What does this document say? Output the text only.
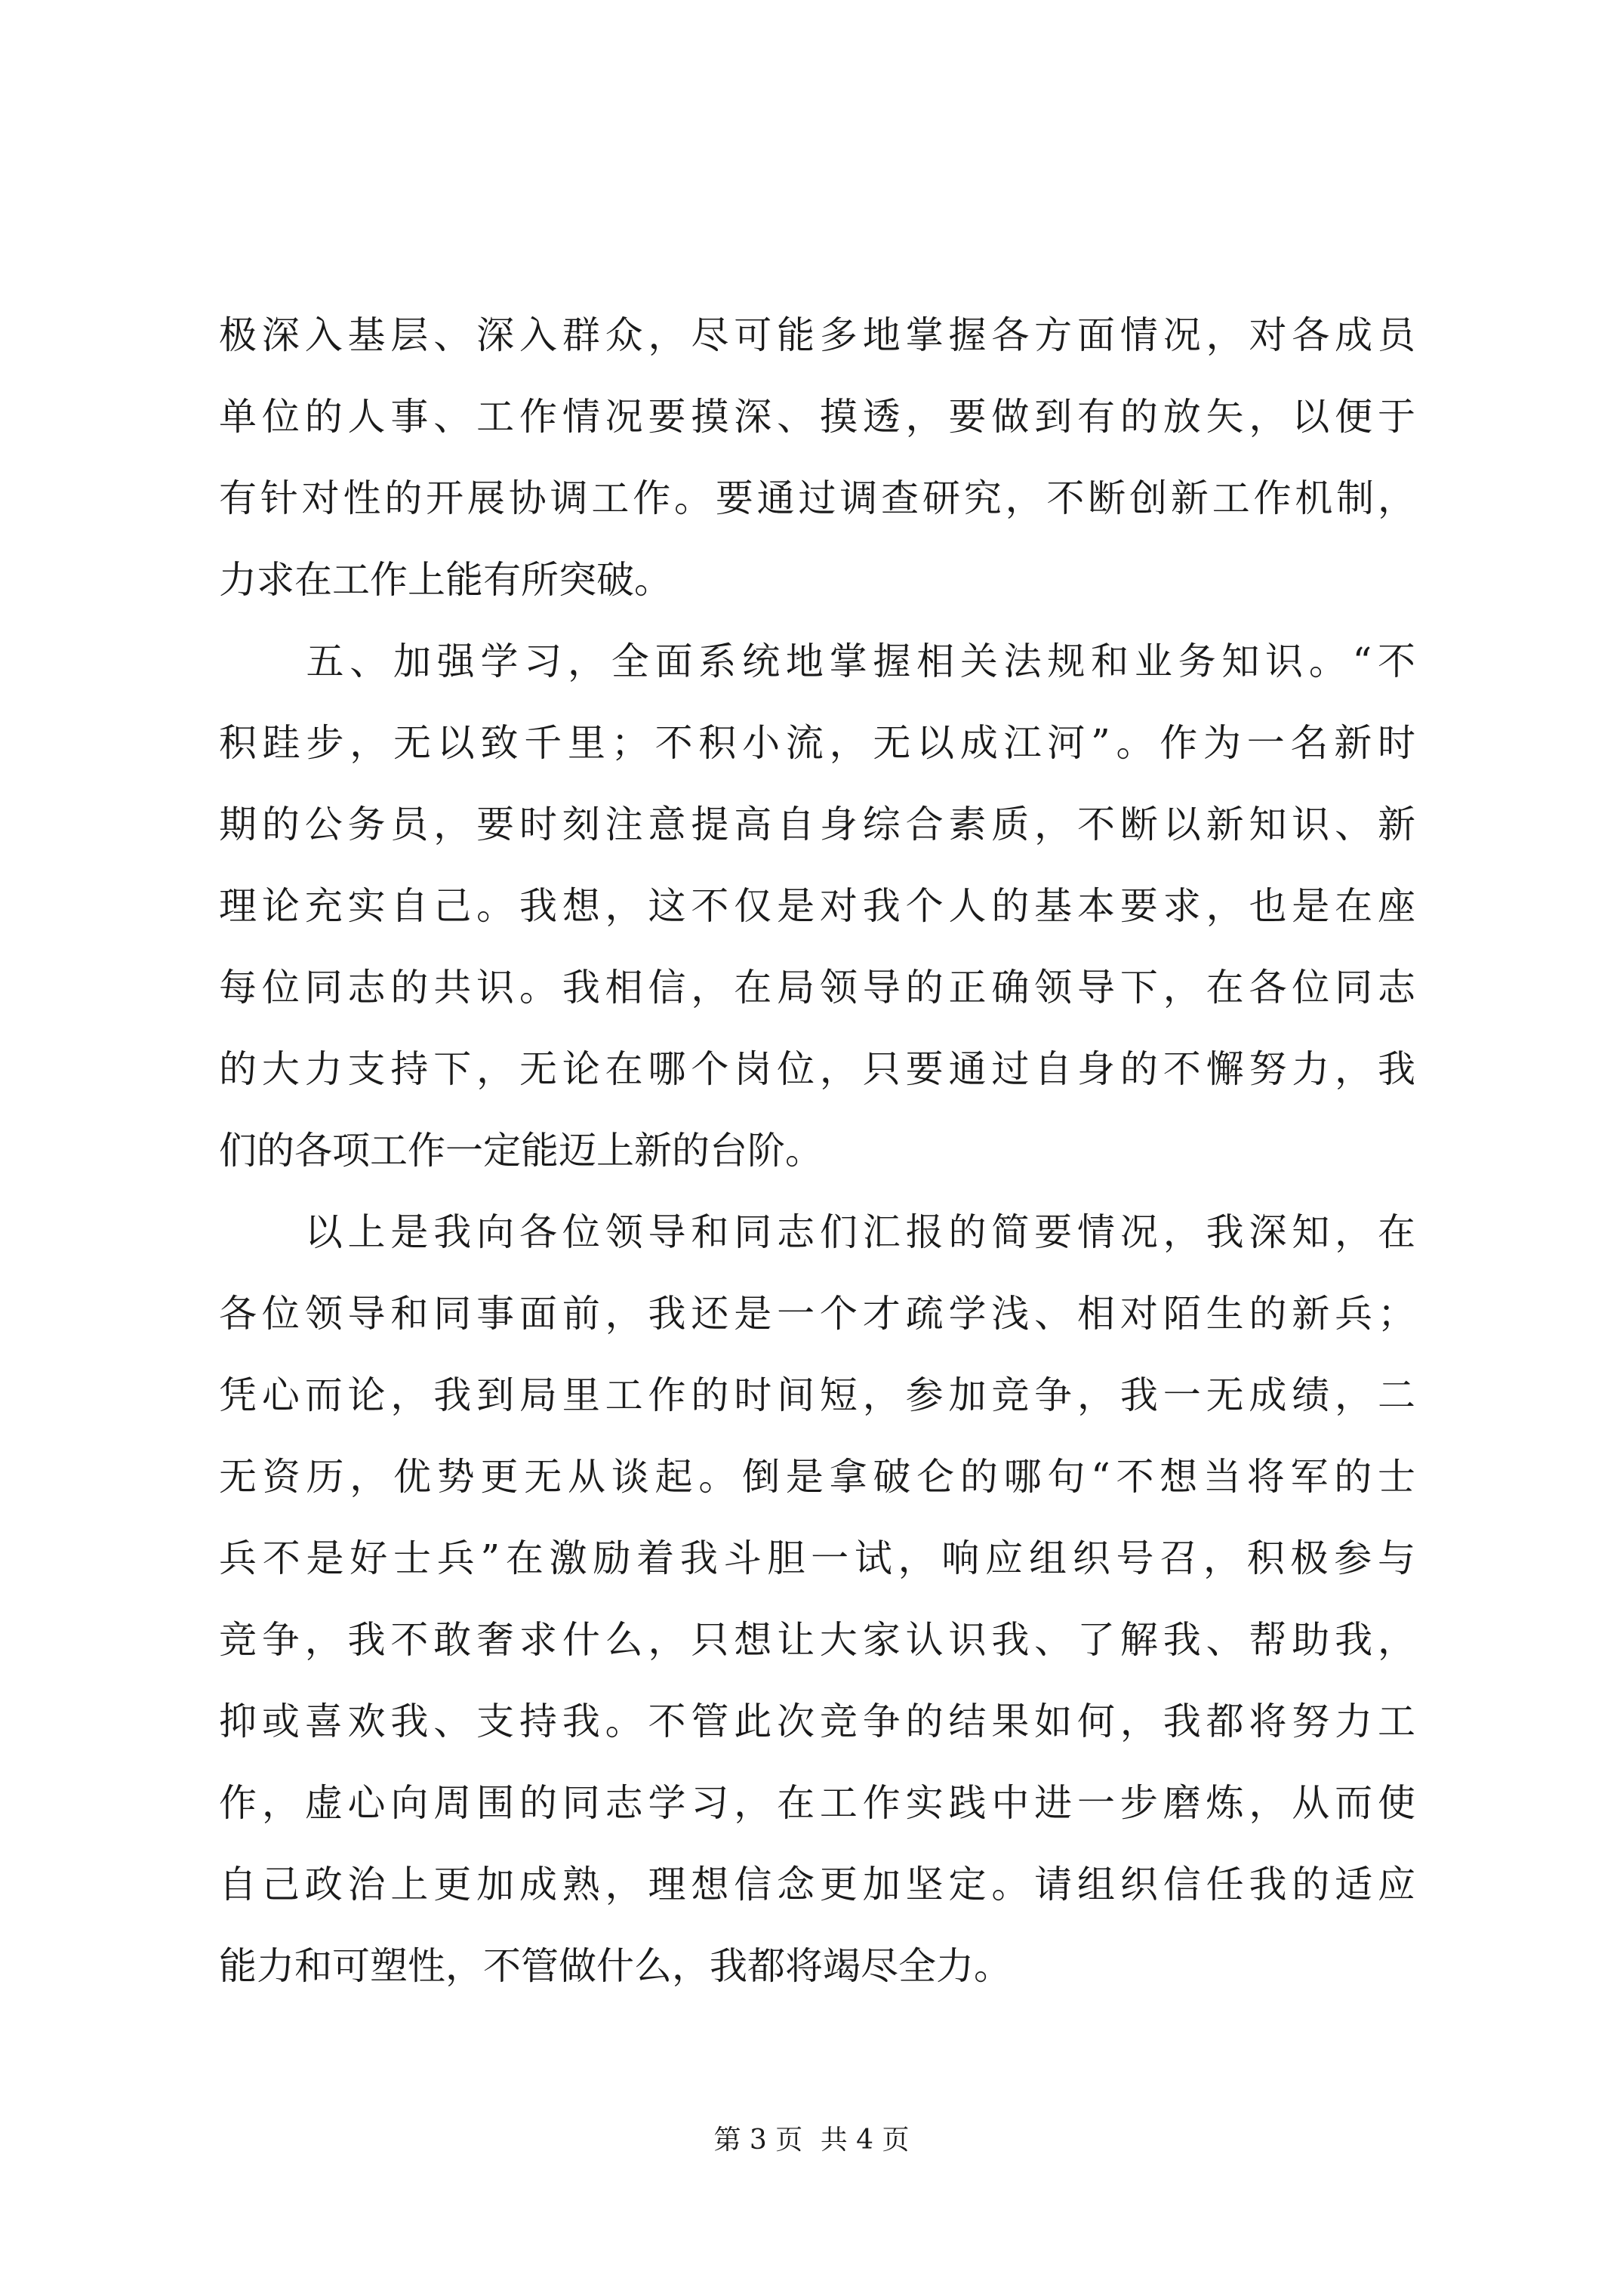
极深入基层、深入群众，尽可能多地掌握各方面情况，对各成员
单位的人事、工作情况要摸深、摸透，要做到有的放矢，以便于
有针对性的开展协调工作。要通过调查研究，不断创新工作机制，
力求在工作上能有所突破。
　　五、加强学习，全面系统地掌握相关法规和业务知识。“不
积跬步，无以致千里；不积小流，无以成江河”。作为一名新时
期的公务员，要时刻注意提高自身综合素质，不断以新知识、新
理论充实自己。我想，这不仅是对我个人的基本要求，也是在座
每位同志的共识。我相信，在局领导的正确领导下，在各位同志
的大力支持下，无论在哪个岗位，只要通过自身的不懈努力，我
们的各项工作一定能迈上新的台阶。
　　以上是我向各位领导和同志们汇报的简要情况，我深知，在
各位领导和同事面前，我还是一个才疏学浅、相对陌生的新兵；
凭心而论，我到局里工作的时间短，参加竞争，我一无成绩，二
无资历，优势更无从谈起。倒是拿破仑的哪句“不想当将军的士
兵不是好士兵”在激励着我斗胆一试，响应组织号召，积极参与
竞争，我不敢奢求什么，只想让大家认识我、了解我、帮助我，
抑或喜欢我、支持我。不管此次竞争的结果如何，我都将努力工
作，虚心向周围的同志学习，在工作实践中进一步磨炼，从而使
自己政治上更加成熟，理想信念更加坚定。请组织信任我的适应
能力和可塑性，不管做什么，我都将竭尽全力。
第 3 页 共 4 页
